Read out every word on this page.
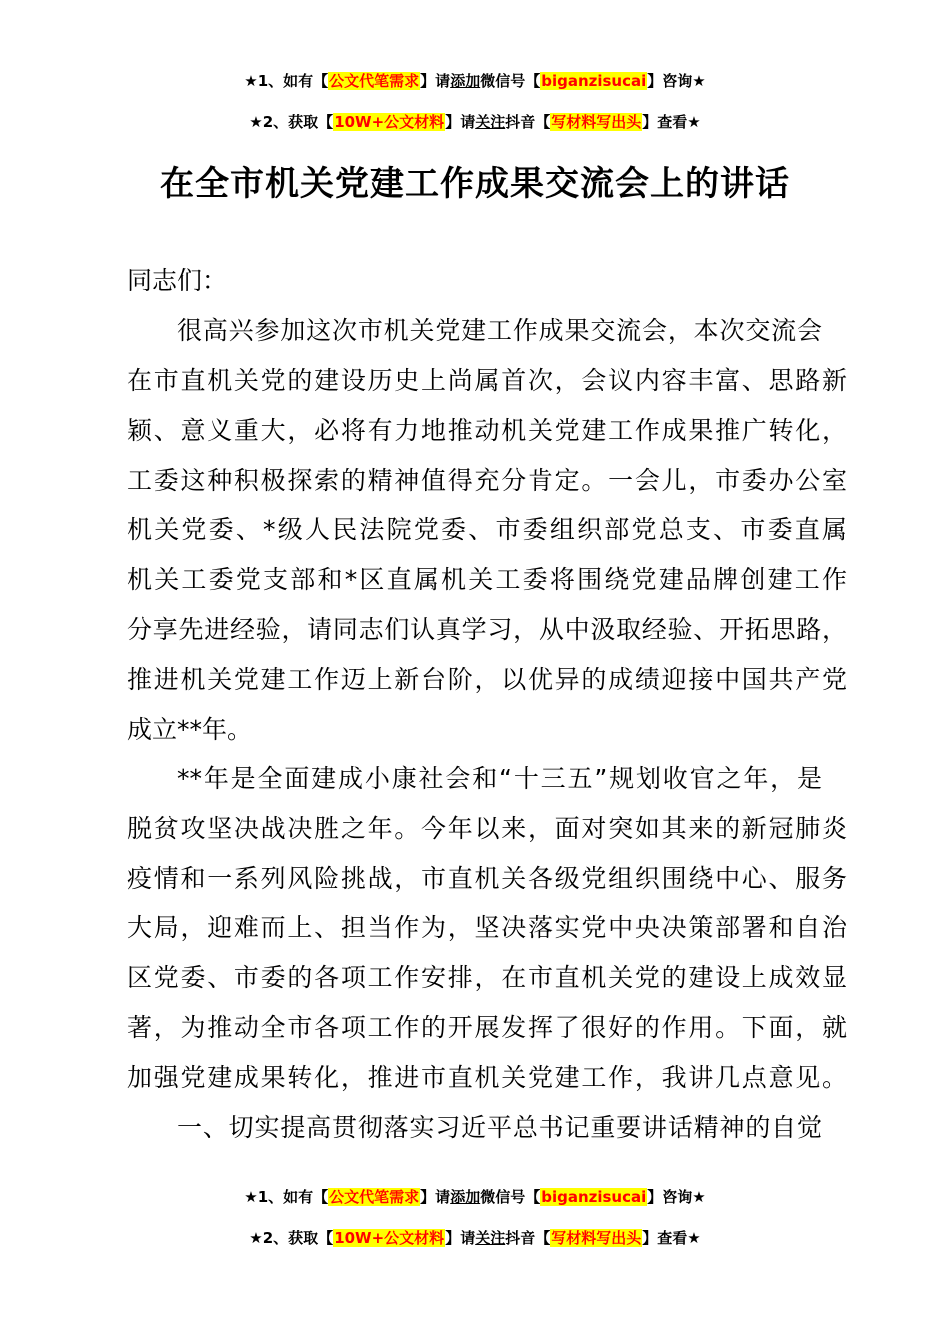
★1、如有【公文代笔需求】请添加微信号【biganzisucai】咨询★
★2、获取【10W+公文材料】请关注抖音【写材料写出头】查看★
在全市机关党建工作成果交流会上的讲话
同志们：
很高兴参加这次市机关党建工作成果交流会，本次交流会
在市直机关党的建设历史上尚属首次，会议内容丰富、思路新
颖、意义重大，必将有力地推动机关党建工作成果推广转化，
工委这种积极探索的精神值得充分肯定。一会儿，市委办公室
机关党委、*级人民法院党委、市委组织部党总支、市委直属
机关工委党支部和*区直属机关工委将围绕党建品牌创建工作
分享先进经验，请同志们认真学习，从中汲取经验、开拓思路，
推进机关党建工作迈上新台阶，以优异的成绩迎接中国共产党
成立**年。
**年是全面建成小康社会和“十三五”规划收官之年，是
脱贫攻坚决战决胜之年。今年以来，面对突如其来的新冠肺炎
疫情和一系列风险挑战，市直机关各级党组织围绕中心、服务
大局，迎难而上、担当作为，坚决落实党中央决策部署和自治
区党委、市委的各项工作安排，在市直机关党的建设上成效显
著，为推动全市各项工作的开展发挥了很好的作用。下面，就
加强党建成果转化，推进市直机关党建工作，我讲几点意见。
一、切实提高贯彻落实习近平总书记重要讲话精神的自觉
★1、如有【公文代笔需求】请添加微信号【biganzisucai】咨询★
★2、获取【10W+公文材料】请关注抖音【写材料写出头】查看★
